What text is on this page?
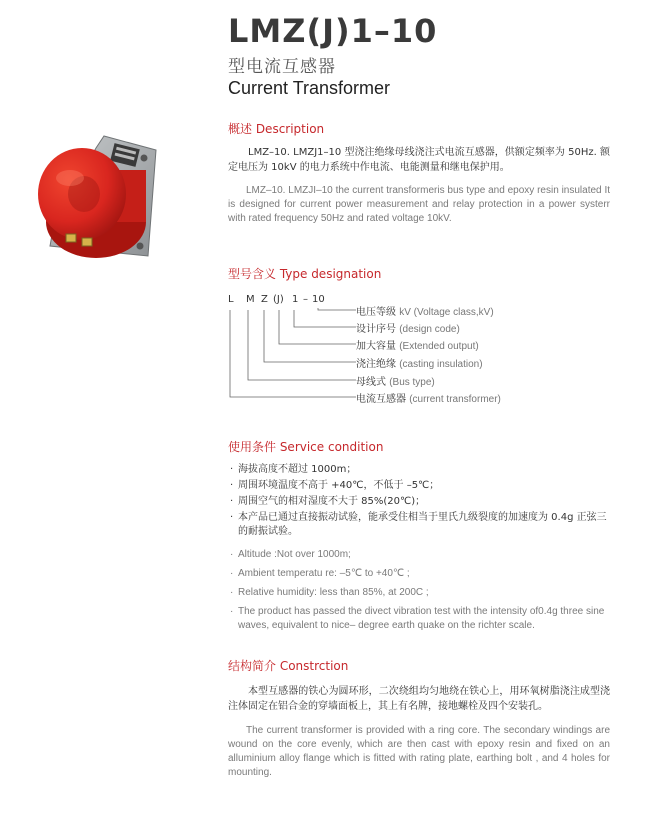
LMZ(J)1–10
型电流互感器
Current Transformer
概述 Description
LMZ–10. LMZJ1–10 型浇注绝缘母线浇注式电流互感器，供额定频率为 50Hz. 额定电压为 10kV 的电力系统中作电流、电能测量和继电保护用。
LMZ–10. LMZJI–10 the current transformeris bus type and epoxy resin insulated It is designed for current power measurement and relay protection in a power systerr with rated frequency 50Hz and rated voltage 10kV.
型号含义 Type designation
L M Z (J) 1 – 10
电压等级 kV (Voltage class,kV)
设计序号 (design code)
加大容量 (Extended output)
浇注绝缘 (casting insulation)
母线式 (Bus type)
电流互感器 (current transformer)
使用条件 Service condition
· 海拔高度不超过 1000m；
· 周围环境温度不高于 +40℃，不低于 –5℃；
· 周围空气的相对湿度不大于 85%(20℃)；
· 本产品已通过直接振动试验，能承受住相当于里氏九级裂度的加速度为 0.4g 正弦三的耐振试验。
· Altitude :Not over 1000m;
· Ambient temperatu re: –5℃ to +40℃ ;
· Relative humidity: less than 85%, at 200C ;
· The product has passed the divect vibration test with the intensity of0.4g three sine waves, equivalent to nice– degree earth quake on the richter scale.
结构简介 Constrction
本型互感器的铁心为圆环形，二次绕组均匀地绕在铁心上，用环氧树脂浇注成型浇注体固定在铝合金的穿墙面板上，其上有名牌，接地螺栓及四个安装孔。
The current transformer is provided with a ring core. The secondary windings are wound on the core evenly, which are then cast with epoxy resin and fixed on an alluminium alloy flange which is fitted with rating plate, earthing bolt , and 4 holes for mounting.
